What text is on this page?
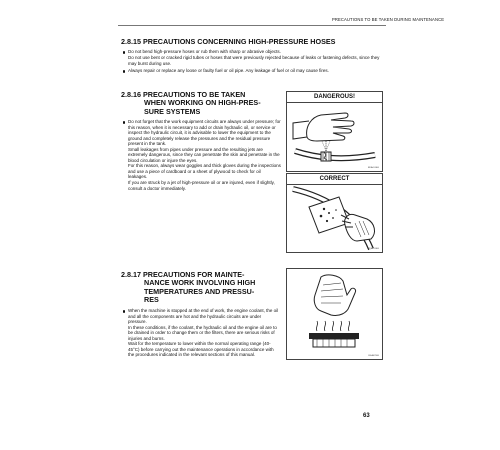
PRECAUTIONS TO BE TAKEN DURING MAINTENANCE
2.8.15 PRECAUTIONS CONCERNING HIGH-PRESSURE HOSES

Do not bend high-pressure hoses or rub them with sharp or abrasive objects.

Do not use bent or cracked rigid tubes or hoses that were previously rejected because of leaks or fastening defects, since they may burst during use.

Always repair or replace any loose or faulty fuel or oil pipe. Any leakage of fuel or oil may cause fires.

2.8.16 PRECAUTIONS TO BE TAKEN
WHEN WORKING ON HIGH-PRES-
SURE SYSTEMS

Do not forget that the work equipment circuits are always under pressure; for this reason, when it is necessary to add or drain hydraulic oil, or service or inspect the hydraulic circuit, it is advisable to lower the equipment to the ground and completely release the pressures and the residual pressure present in the tank.

Small leakages from pipes under pressure and the resulting jets are extremely dangerous, since they can penetrate the skin and penetrate in the blood circulation or injure the eyes.

For this reason, always wear goggles and thick gloves during the inspections and use a piece of cardboard or a sheet of plywood to check for oil leakages.

If you are struck by a jet of high-pressure oil or are injured, even if slightly, consult a doctor immediately.

DANGEROUS!
RKAO0360
CORRECT
RKAO0360
2.8.17 PRECAUTIONS FOR MAINTE-
NANCE WORK INVOLVING HIGH
TEMPERATURES AND PRESSU-
RES

When the machine is stopped at the end of work, the engine coolant, the oil and all the components are hot and the hydraulic circuits are under pressure.

In these conditions, if the coolant, the hydraulic oil and the engine oil are to be drained in order to change them or the filters, there are serious risks of injuries and burns.

Wait for the temperature to lower within the normal operating range (40-45°C) before carrying out the maintenance operations in accordance with the procedures indicated in the relevant sections of this manual.	RKA02590
63
